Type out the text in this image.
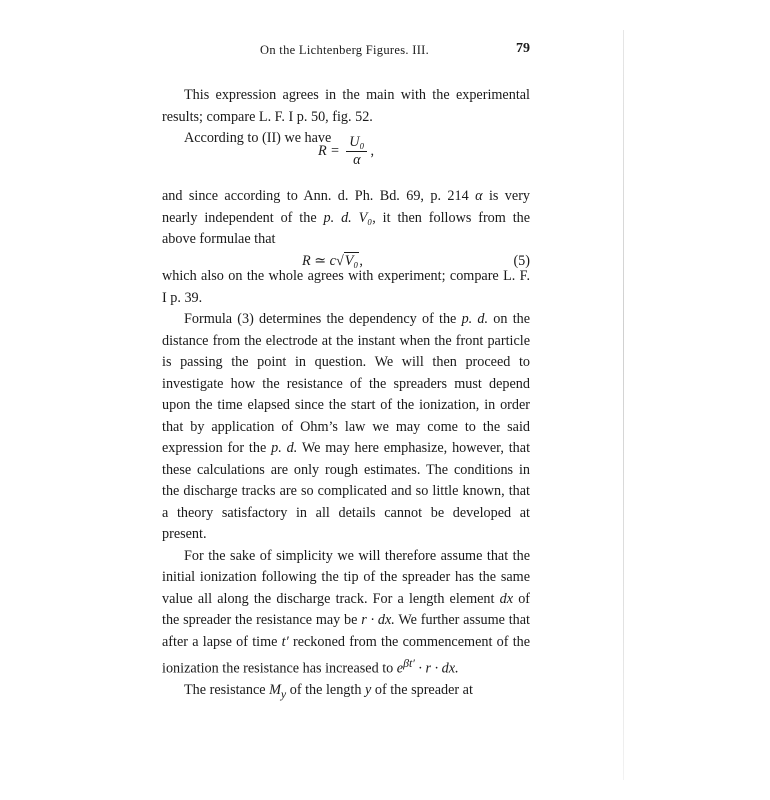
On the Lichtenberg Figures. III.	79

This expression agrees in the main with the experimental results; compare L. F. I p. 50, fig. 52.

According to (II) we have

$R = \frac{\text{U₀}}{\alpha}$ ,

and since according to Ann. d. Ph. Bd. 69, p. 214 α is very nearly independent of the p. d. V₀, it then follows from the above formulae that

R ≃ c√V₀,	(5)

which also on the whole agrees with experiment; compare L. F. I p. 39.

Formula (3) determines the dependency of the p. d. on the distance from the electrode at the instant when the front particle is passing the point in question. We will then proceed to investigate how the resistance of the spreaders must depend upon the time elapsed since the start of the ionization, in order that by application of Ohm’s law we may come to the said expression for the p. d. We may here emphasize, however, that these calculations are only rough estimates. The conditions in the discharge tracks are so complicated and so little known, that a theory satisfactory in all details cannot be developed at present.

For the sake of simplicity we will therefore assume that the initial ionization following the tip of the spreader has the same value all along the discharge track. For a length element dx of the spreader the resistance may be r · dx. We further assume that after a lapse of time t′ reckoned from the commencement of the ionization the resistance has increased to $e^{\beta t'} \cdot r$ · dx.

The resistance $M_y$ of the length y of the spreader at
